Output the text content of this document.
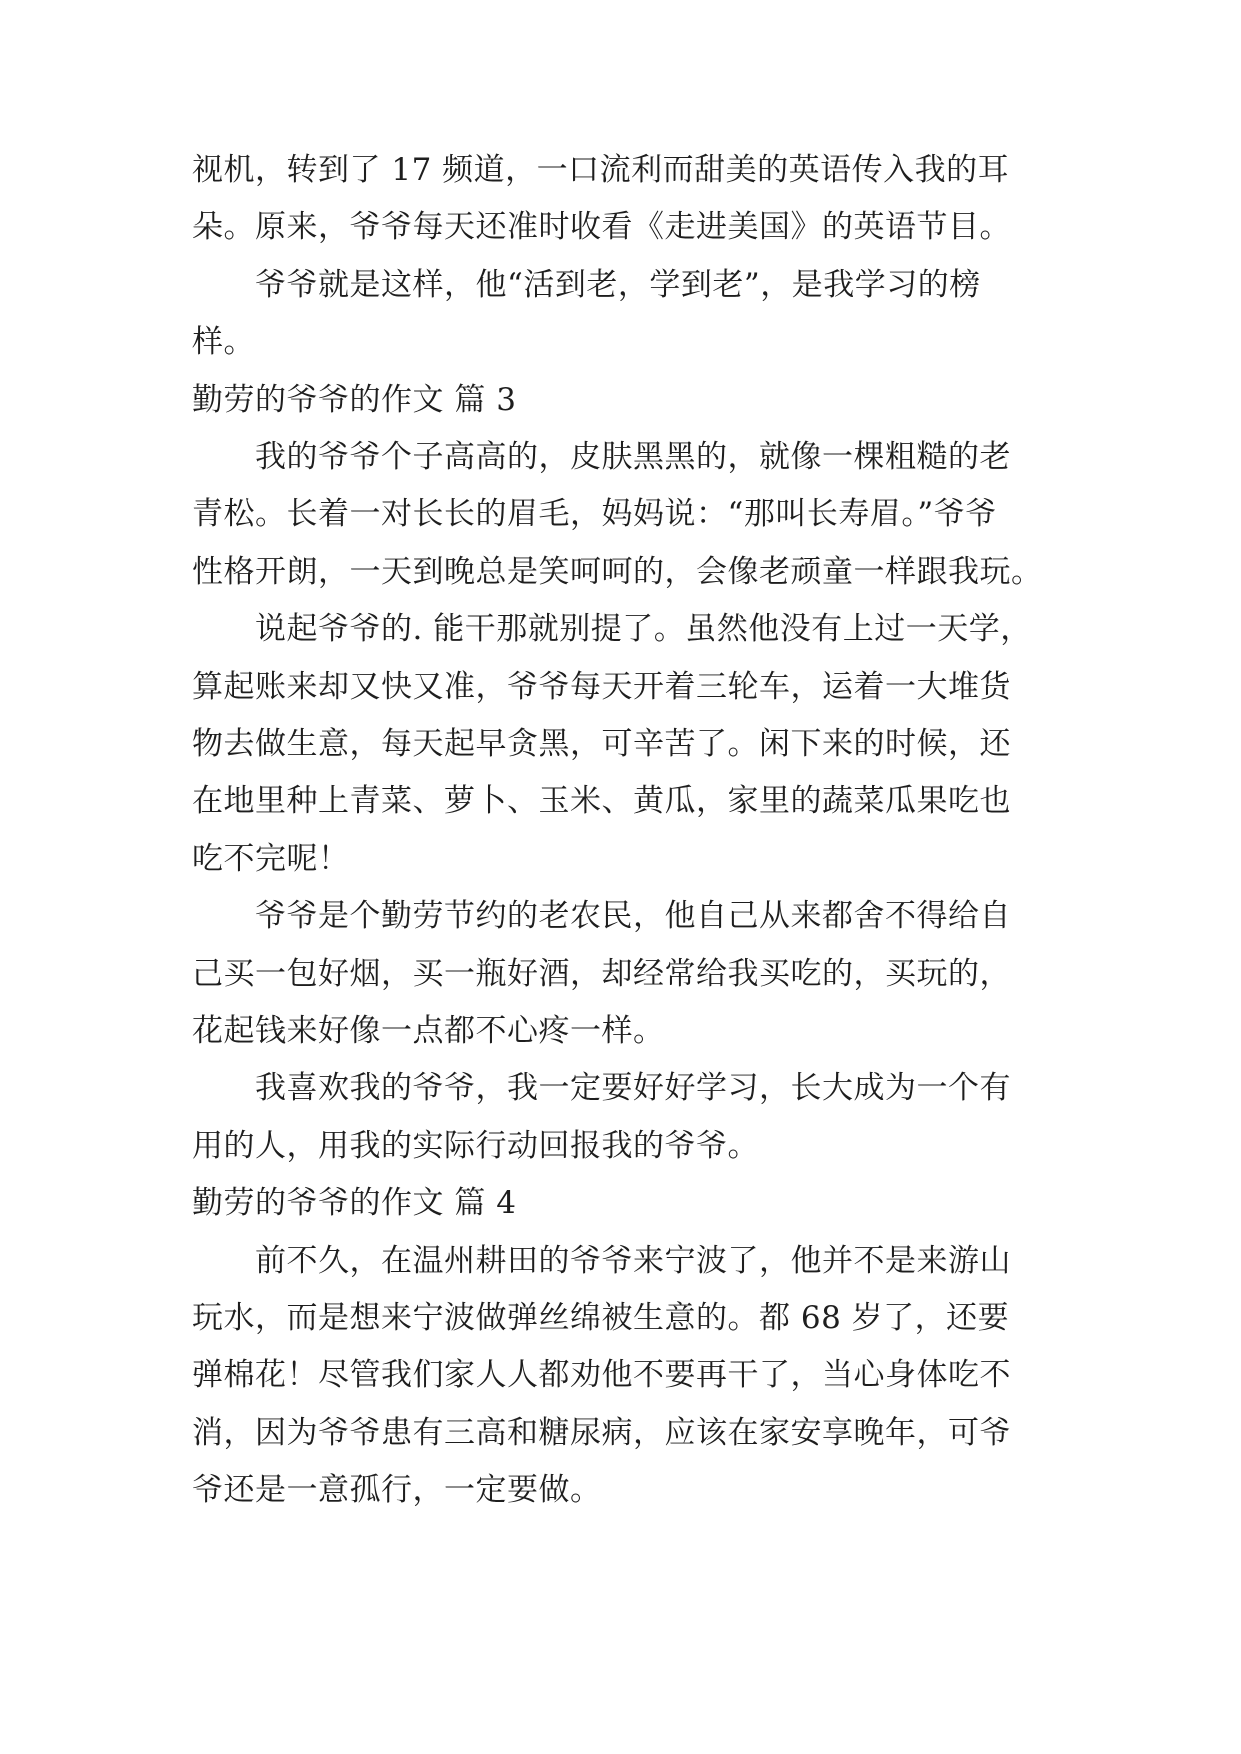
视机，转到了 17 频道，一口流利而甜美的英语传入我的耳
朵。原来，爷爷每天还准时收看《走进美国》的英语节目。
爷爷就是这样，他“活到老，学到老”，是我学习的榜
样。
勤劳的爷爷的作文 篇 3
我的爷爷个子高高的，皮肤黑黑的，就像一棵粗糙的老
青松。长着一对长长的眉毛，妈妈说：“那叫长寿眉。”爷爷
性格开朗，一天到晚总是笑呵呵的，会像老顽童一样跟我玩。
说起爷爷的. 能干那就别提了。虽然他没有上过一天学，
算起账来却又快又准，爷爷每天开着三轮车，运着一大堆货
物去做生意，每天起早贪黑，可辛苦了。闲下来的时候，还
在地里种上青菜、萝卜、玉米、黄瓜，家里的蔬菜瓜果吃也
吃不完呢！
爷爷是个勤劳节约的老农民，他自己从来都舍不得给自
己买一包好烟，买一瓶好酒，却经常给我买吃的，买玩的，
花起钱来好像一点都不心疼一样。
我喜欢我的爷爷，我一定要好好学习，长大成为一个有
用的人，用我的实际行动回报我的爷爷。
勤劳的爷爷的作文 篇 4
前不久，在温州耕田的爷爷来宁波了，他并不是来游山
玩水，而是想来宁波做弹丝绵被生意的。都 68 岁了，还要
弹棉花！尽管我们家人人都劝他不要再干了，当心身体吃不
消，因为爷爷患有三高和糖尿病，应该在家安享晚年，可爷
爷还是一意孤行，一定要做。
